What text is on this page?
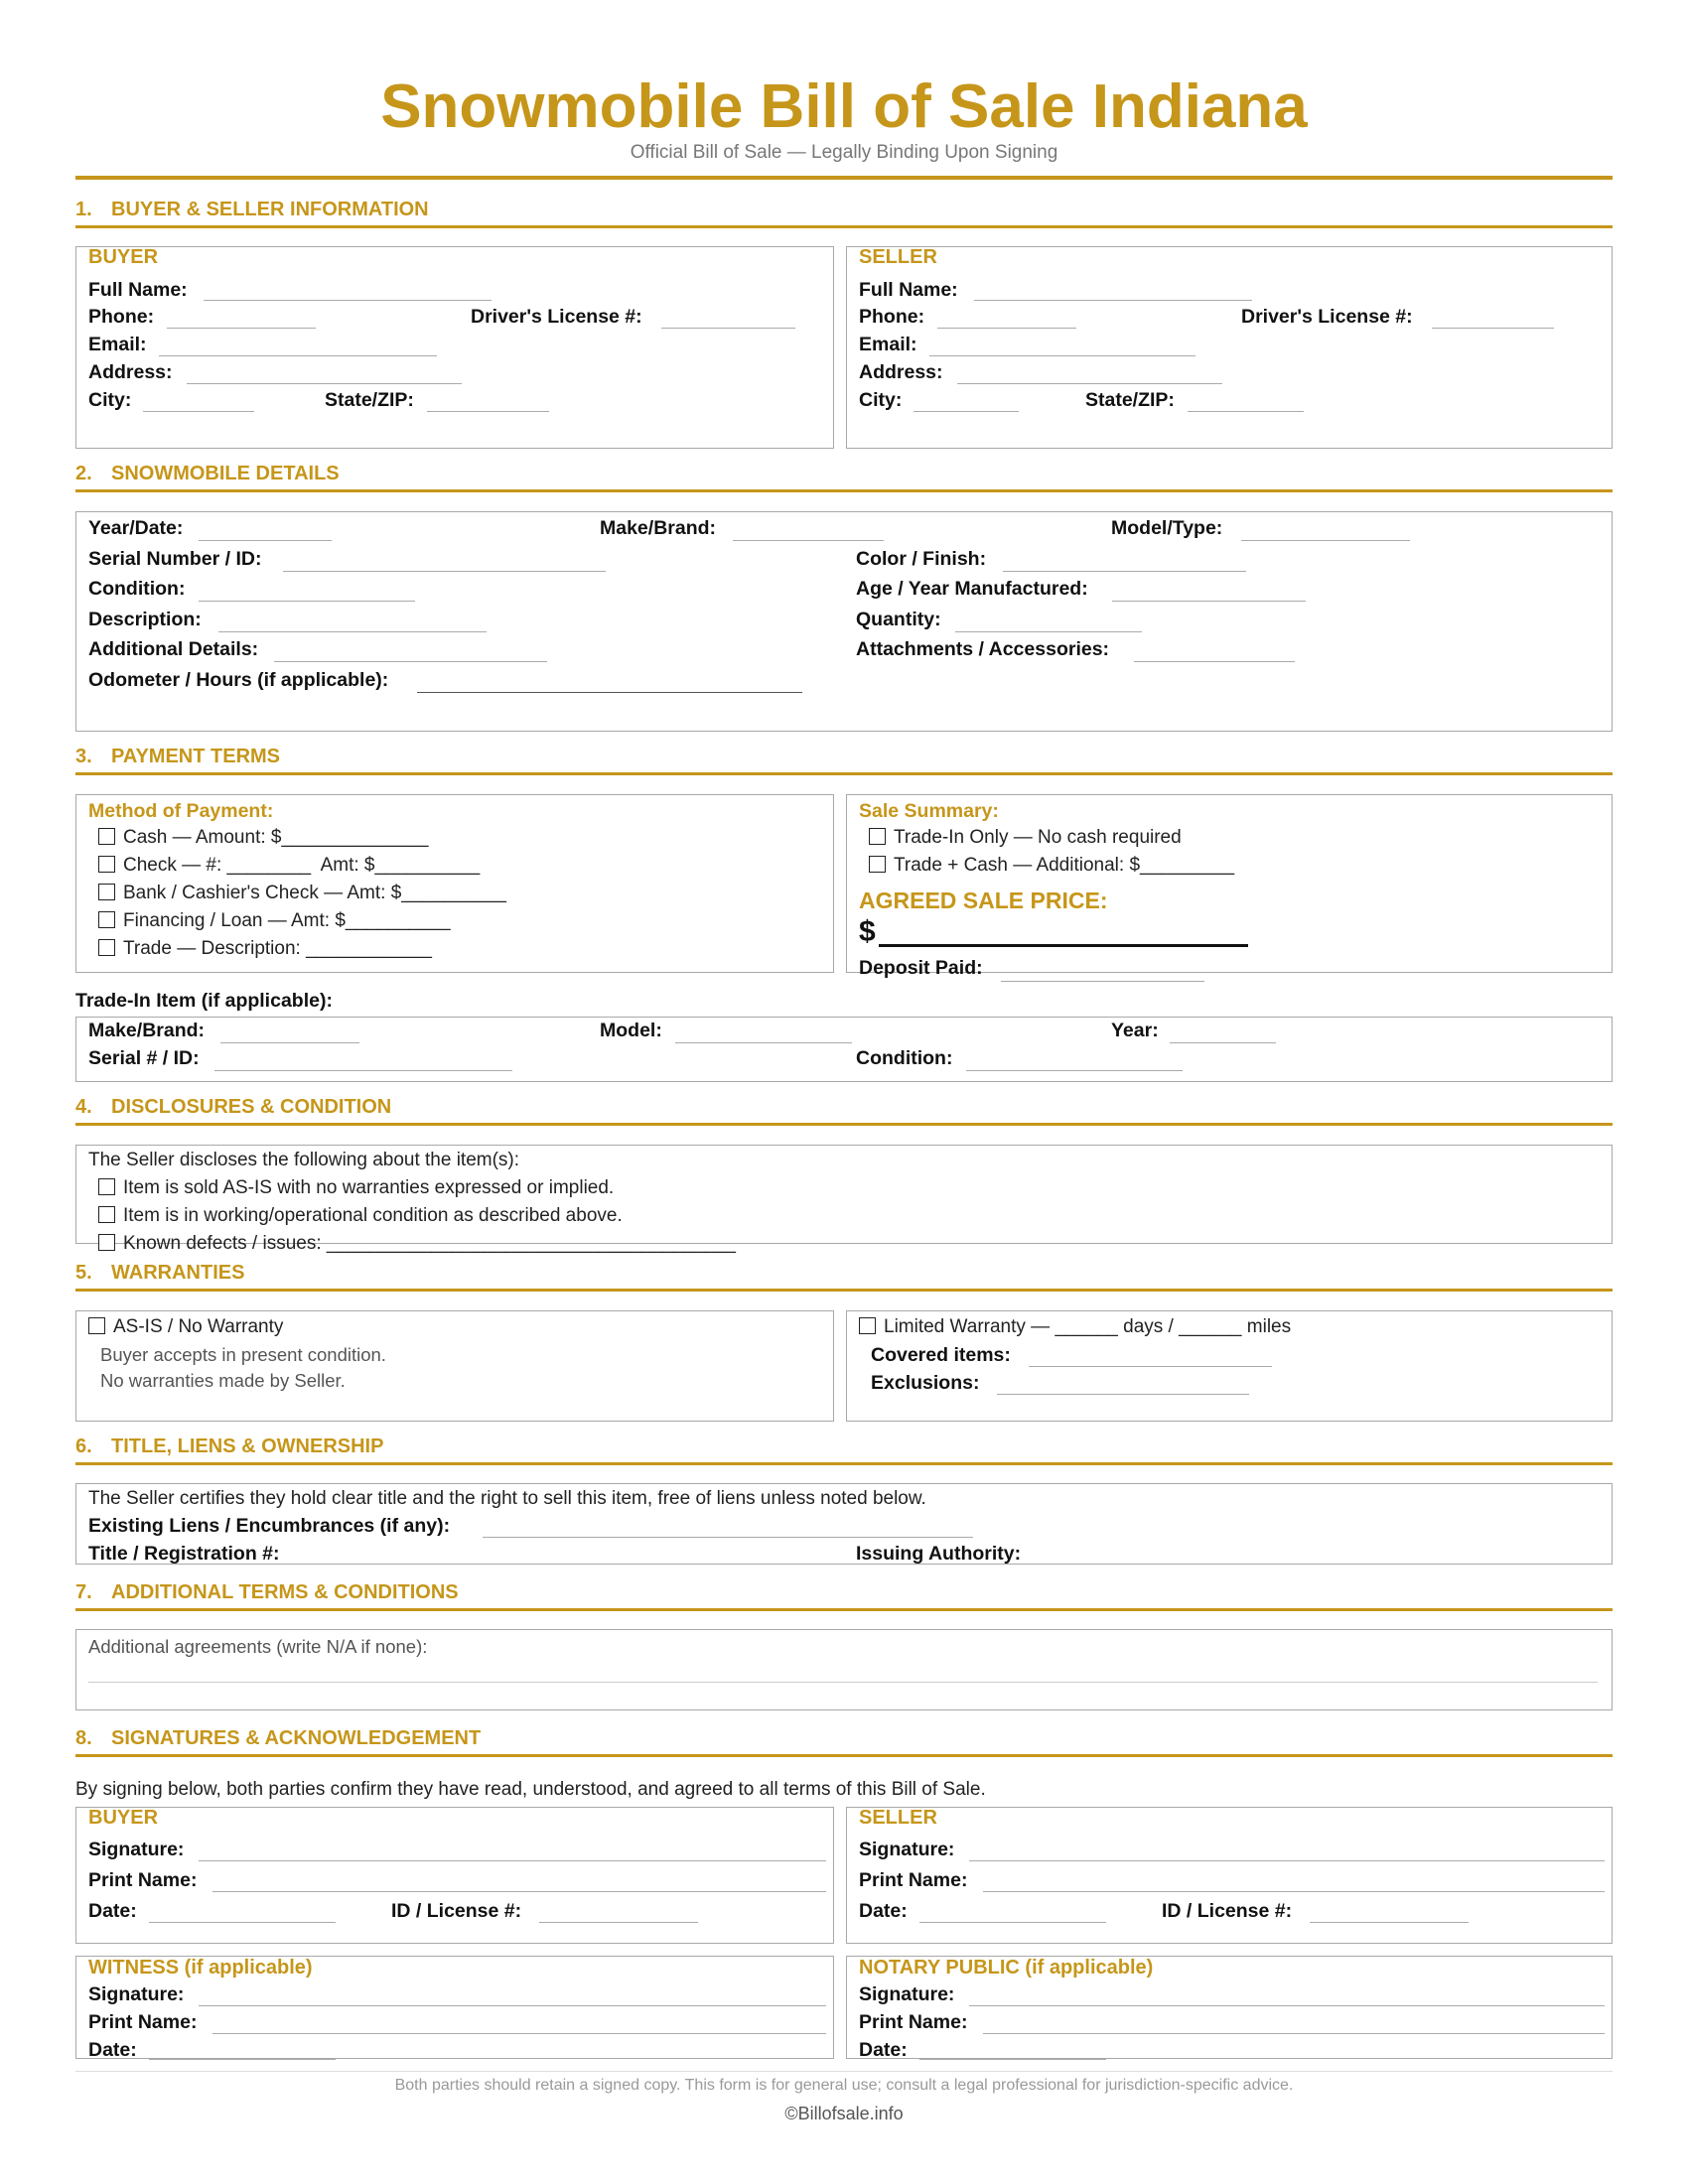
Snowmobile Bill of Sale Indiana
Official Bill of Sale — Legally Binding Upon Signing
1. BUYER & SELLER INFORMATION
BUYER
Full Name:
Phone:	Driver's License #:
Email:
Address:
City:	State/ZIP:
SELLER
Full Name:
Phone:	Driver's License #:
Email:
Address:
City:	State/ZIP:
2. SNOWMOBILE DETAILS
Year/Date:	Make/Brand:	Model/Type:
Serial Number / ID:	Color / Finish:
Condition:	Age / Year Manufactured:
Description:	Quantity:
Additional Details:	Attachments / Accessories:
Odometer / Hours (if applicable):
3. PAYMENT TERMS
Method of Payment:
Cash — Amount: $______________
Check — #: ________  Amt: $__________
Bank / Cashier's Check — Amt: $__________
Financing / Loan — Amt: $__________
Trade — Description: ____________
Sale Summary:
Trade-In Only — No cash required
Trade + Cash — Additional: $_________
AGREED SALE PRICE:
$
Deposit Paid:
Trade-In Item (if applicable):
Make/Brand:	Model:	Year:
Serial # / ID:	Condition:
4. DISCLOSURES & CONDITION
The Seller discloses the following about the item(s):
Item is sold AS-IS with no warranties expressed or implied.
Item is in working/operational condition as described above.
Known defects / issues: _______________________________________
5. WARRANTIES
AS-IS / No Warranty
Buyer accepts in present condition.
No warranties made by Seller.
Limited Warranty — ______ days / ______ miles
Covered items:
Exclusions:
6. TITLE, LIENS & OWNERSHIP
The Seller certifies they hold clear title and the right to sell this item, free of liens unless noted below.
Existing Liens / Encumbrances (if any):
Title / Registration #:	Issuing Authority:
7. ADDITIONAL TERMS & CONDITIONS
Additional agreements (write N/A if none):
8. SIGNATURES & ACKNOWLEDGEMENT
By signing below, both parties confirm they have read, understood, and agreed to all terms of this Bill of Sale.
BUYER
Signature:
Print Name:
Date:	ID / License #:
SELLER
Signature:
Print Name:
Date:	ID / License #:
WITNESS (if applicable)
Signature:
Print Name:
Date:
NOTARY PUBLIC (if applicable)
Signature:
Print Name:
Date:
Both parties should retain a signed copy. This form is for general use; consult a legal professional for jurisdiction-specific advice.
©Billofsale.info
